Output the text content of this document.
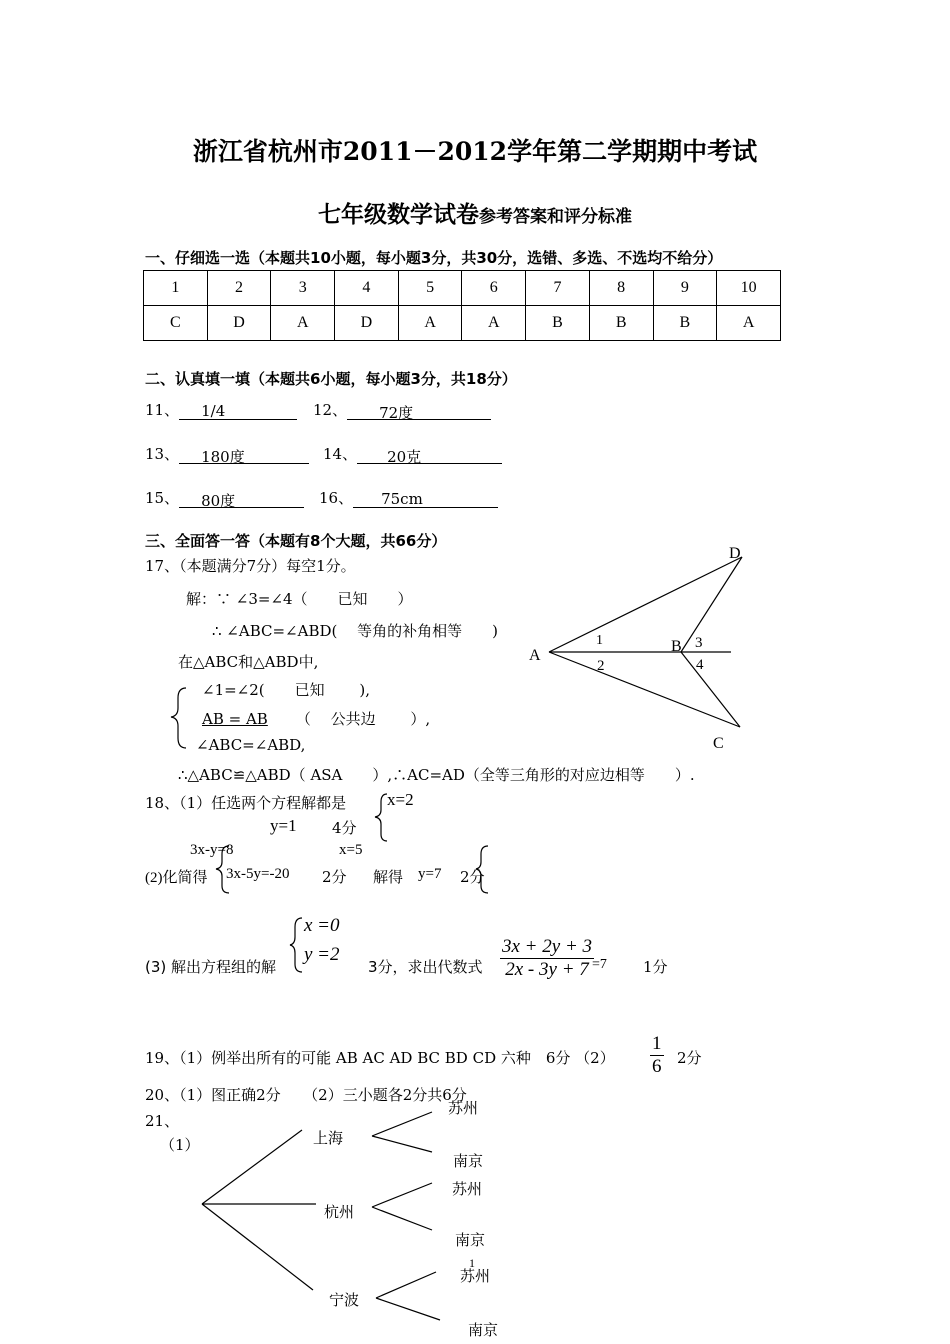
浙江省杭州市2011－2012学年第二学期期中考试
七年级数学试卷参考答案和评分标准
一、仔细选一选（本题共10小题，每小题3分，共30分，选错、多选、不选均不给分）
1	2	3	4	5	6	7	8	9	10
C	D	A	D	A	A	B	B	B	A
二、认真填一填（本题共6小题，每小题3分，共18分）
11、 1/4	12、 72度
13、 180度	14、 20克
15、 80度	16、 75cm
三、全面答一答（本题有8个大题，共66分）
17、（本题满分7分）每空1分。
解：∵ ∠3=∠4（　　已知　　）
∴ ∠ABC=∠ABD(　 等角的补角相等　　)
在△ABC和△ABD中,
∠1=∠2(　　已知　　 ),
AB = AB （　 公共边　　 ）,
∠ABC=∠ABD,
∴△ABC≌△ABD（ ASA　　）,∴AC=AD（全等三角形的对应边相等　　）.
18、（1）任选两个方程解都是 x=2
y=1 4分
3x-y=8	x=5
(2)化简得 3x-5y=-20 2分 解得 y=7 2分
x =0
y =2
(3) 解出方程组的解	3分，求出代数式 $\frac{3x + 2y + 3}{2x - 3y + 7}$
=7 1分
19、（1）例举出所有的可能 AB AC AD BC BD CD 六种　6分 $(2) \frac{1}{6} 2$分
20、（1）图正确2分　　（2）三小题各2分共6分
21、
（1）
D
A
B
C
1
2
3
4
上海
杭州
宁波
苏州
南京
苏州
南京
苏州
南京
1
